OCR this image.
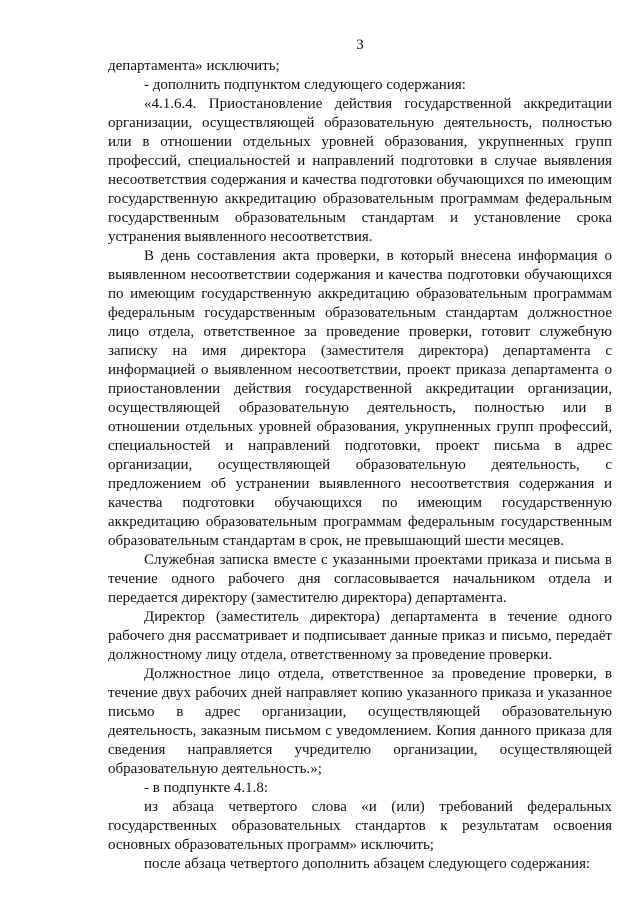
3

департамента» исключить;

- дополнить подпунктом следующего содержания:

«4.1.6.4. Приостановление действия государственной аккредитации организации, осуществляющей образовательную деятельность, полностью или в отношении отдельных уровней образования, укрупненных групп профессий, специальностей и направлений подготовки в случае выявления несоответствия содержания и качества подготовки обучающихся по имеющим государственную аккредитацию образовательным программам федеральным государственным образовательным стандартам и установление срока устранения выявленного несоответствия.

В день составления акта проверки, в который внесена информация о выявленном несоответствии содержания и качества подготовки обучающихся по имеющим государственную аккредитацию образовательным программам федеральным государственным образовательным стандартам должностное лицо отдела, ответственное за проведение проверки, готовит служебную записку на имя директора (заместителя директора) департамента с информацией о выявленном несоответствии, проект приказа департамента о приостановлении действия государственной аккредитации организации, осуществляющей образовательную деятельность, полностью или в отношении отдельных уровней образования, укрупненных групп профессий, специальностей и направлений подготовки, проект письма в адрес организации, осуществляющей образовательную деятельность, с предложением об устранении выявленного несоответствия содержания и качества подготовки обучающихся по имеющим государственную аккредитацию образовательным программам федеральным государственным образовательным стандартам в срок, не превышающий шести месяцев.

Служебная записка вместе с указанными проектами приказа и письма в течение одного рабочего дня согласовывается начальником отдела и передается директору (заместителю директора) департамента.

Директор (заместитель директора) департамента в течение одного рабочего дня рассматривает и подписывает данные приказ и письмо, передаёт должностному лицу отдела, ответственному за проведение проверки.

Должностное лицо отдела, ответственное за проведение проверки, в течение двух рабочих дней направляет копию указанного приказа и указанное письмо в адрес организации, осуществляющей образовательную деятельность, заказным письмом с уведомлением. Копия данного приказа для сведения направляется учредителю организации, осуществляющей образовательную деятельность.»;

- в подпункте 4.1.8:

из абзаца четвертого слова «и (или) требований федеральных государственных образовательных стандартов к результатам освоения основных образовательных программ» исключить;

после абзаца четвертого дополнить абзацем следующего содержания:
